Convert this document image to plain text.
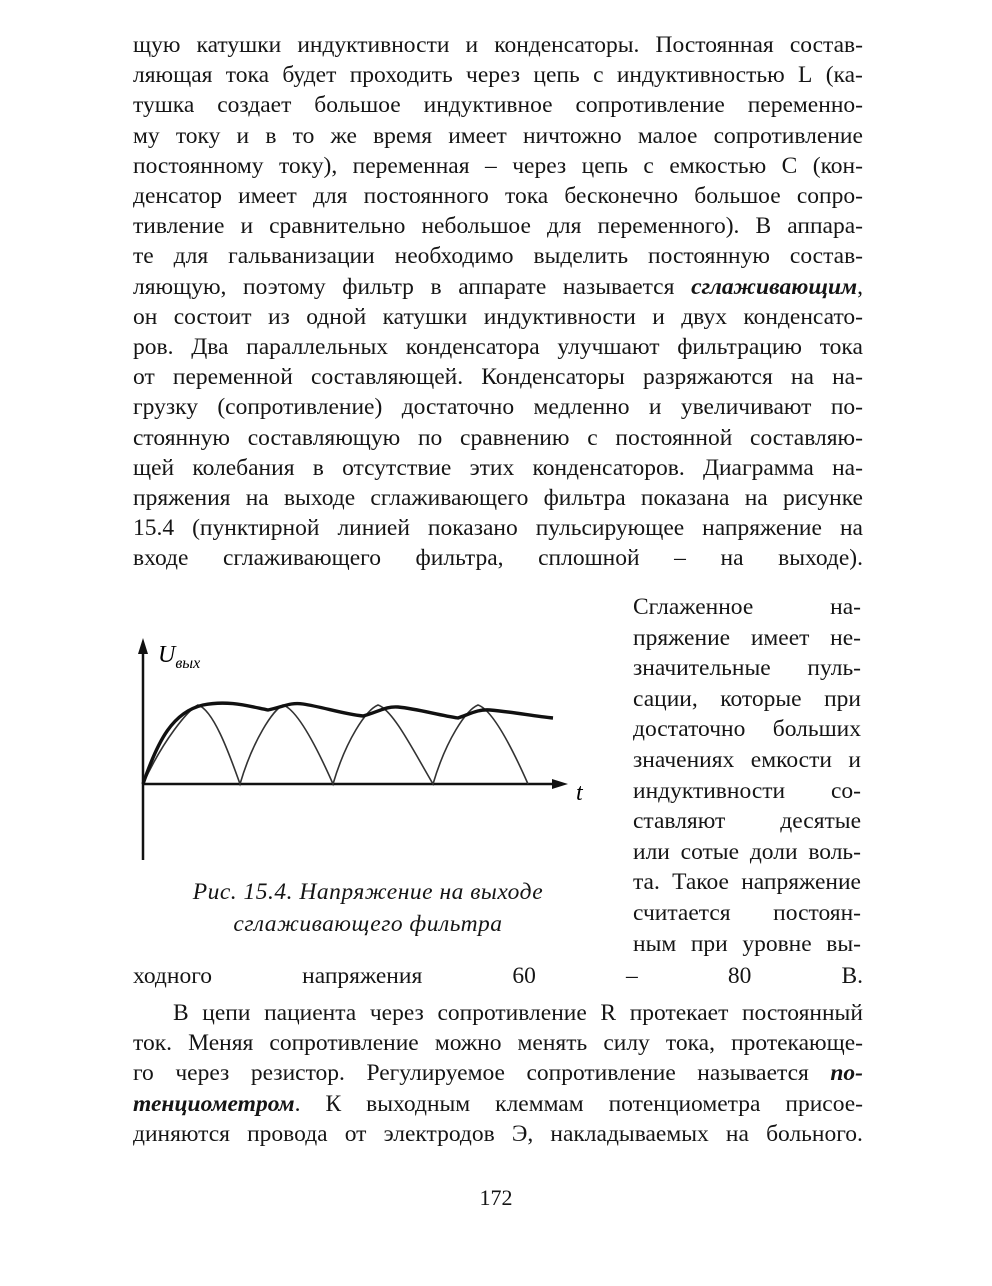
щую катушки индуктивности и конденсаторы. Постоянная состав-
ляющая тока будет проходить через цепь с индуктивностью L (ка-
тушка создает большое индуктивное сопротивление переменно-
му току и в то же время имеет ничтожно малое сопротивление
постоянному току), переменная – через цепь с емкостью С (кон-
денсатор имеет для постоянного тока бесконечно большое сопро-
тивление и сравнительно небольшое для переменного). В аппара-
те для гальванизации необходимо выделить постоянную состав-
ляющую, поэтому фильтр в аппарате называется сглаживающим,
он состоит из одной катушки индуктивности и двух конденсато-
ров. Два параллельных конденсатора улучшают фильтрацию тока
от переменной составляющей. Конденсаторы разряжаются на на-
грузку (сопротивление) достаточно медленно и увеличивают по-
стоянную составляющую по сравнению с постоянной составляю-
щей колебания в отсутствие этих конденсаторов. Диаграмма на-
пряжения на выходе сглаживающего фильтра показана на рисунке
15.4 (пунктирной линией показано пульсирующее напряжение на
входе сглаживающего фильтра, сплошной – на выходе).
Сглаженное на-
пряжение имеет не-
значительные пуль-
сации, которые при
достаточно больших
значениях емкости и
индуктивности со-
ставляют десятые
или сотые доли воль-
та. Такое напряжение
считается постоян-
ным при уровне вы-
ходного напряжения 60 – 80 В.
$U_{вых}$
t
Рис. 15.4. Напряжение на выходе
сглаживающего фильтра
В цепи пациента через сопротивление R протекает постоянный
ток. Меняя сопротивление можно менять силу тока, протекающе-
го через резистор. Регулируемое сопротивление называется по-
тенциометром. К выходным клеммам потенциометра присое-
диняются провода от электродов Э, накладываемых на больного.
172
